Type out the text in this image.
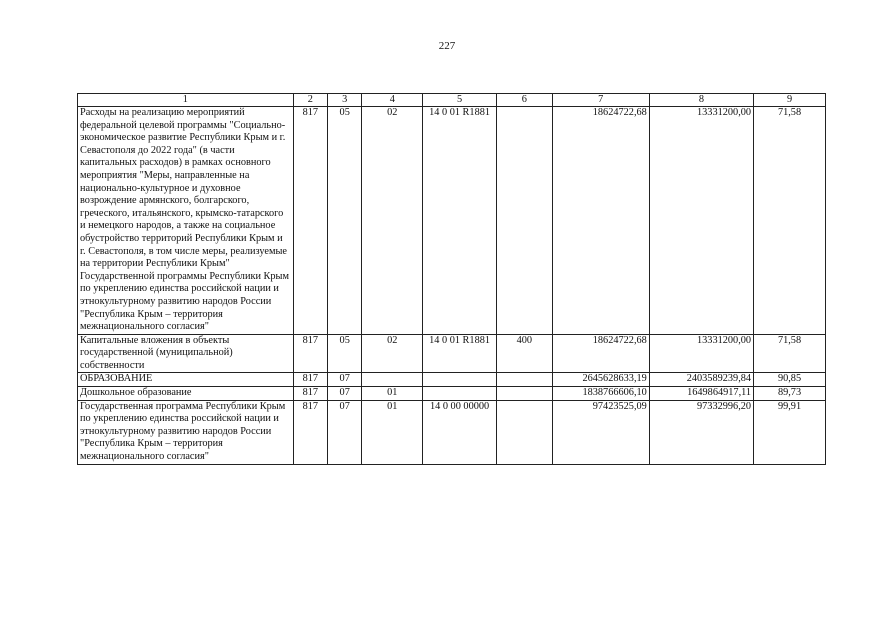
227
1	2	3	4	5	6	7	8	9
Расходы на реализацию мероприятий федеральной целевой программы "Социально-экономическое развитие Республики Крым и г. Севастополя до 2022 года" (в части капитальных расходов) в рамках основного мероприятия "Меры, направленные на национально-культурное и духовное возрождение армянского, болгарского, греческого, итальянского, крымско-татарского и немецкого народов, а также на социальное обустройство территорий Республики Крым и г. Севастополя, в том числе меры, реализуемые на территории Республики Крым" Государственной программы Республики Крым по укреплению единства российской нации и этнокультурному развитию народов России "Республика Крым – территория межнационального согласия"	817	05	02	14 0 01 R1881		18624722,68	13331200,00	71,58
Капитальные вложения в объекты государственной (муниципальной) собственности	817	05	02	14 0 01 R1881	400	18624722,68	13331200,00	71,58
ОБРАЗОВАНИЕ	817	07				2645628633,19	2403589239,84	90,85
Дошкольное образование	817	07	01			1838766606,10	1649864917,11	89,73
Государственная программа Республики Крым по укреплению единства российской нации и этнокультурному развитию народов России "Республика Крым – территория межнационального согласия"	817	07	01	14 0 00 00000		97423525,09	97332996,20	99,91
